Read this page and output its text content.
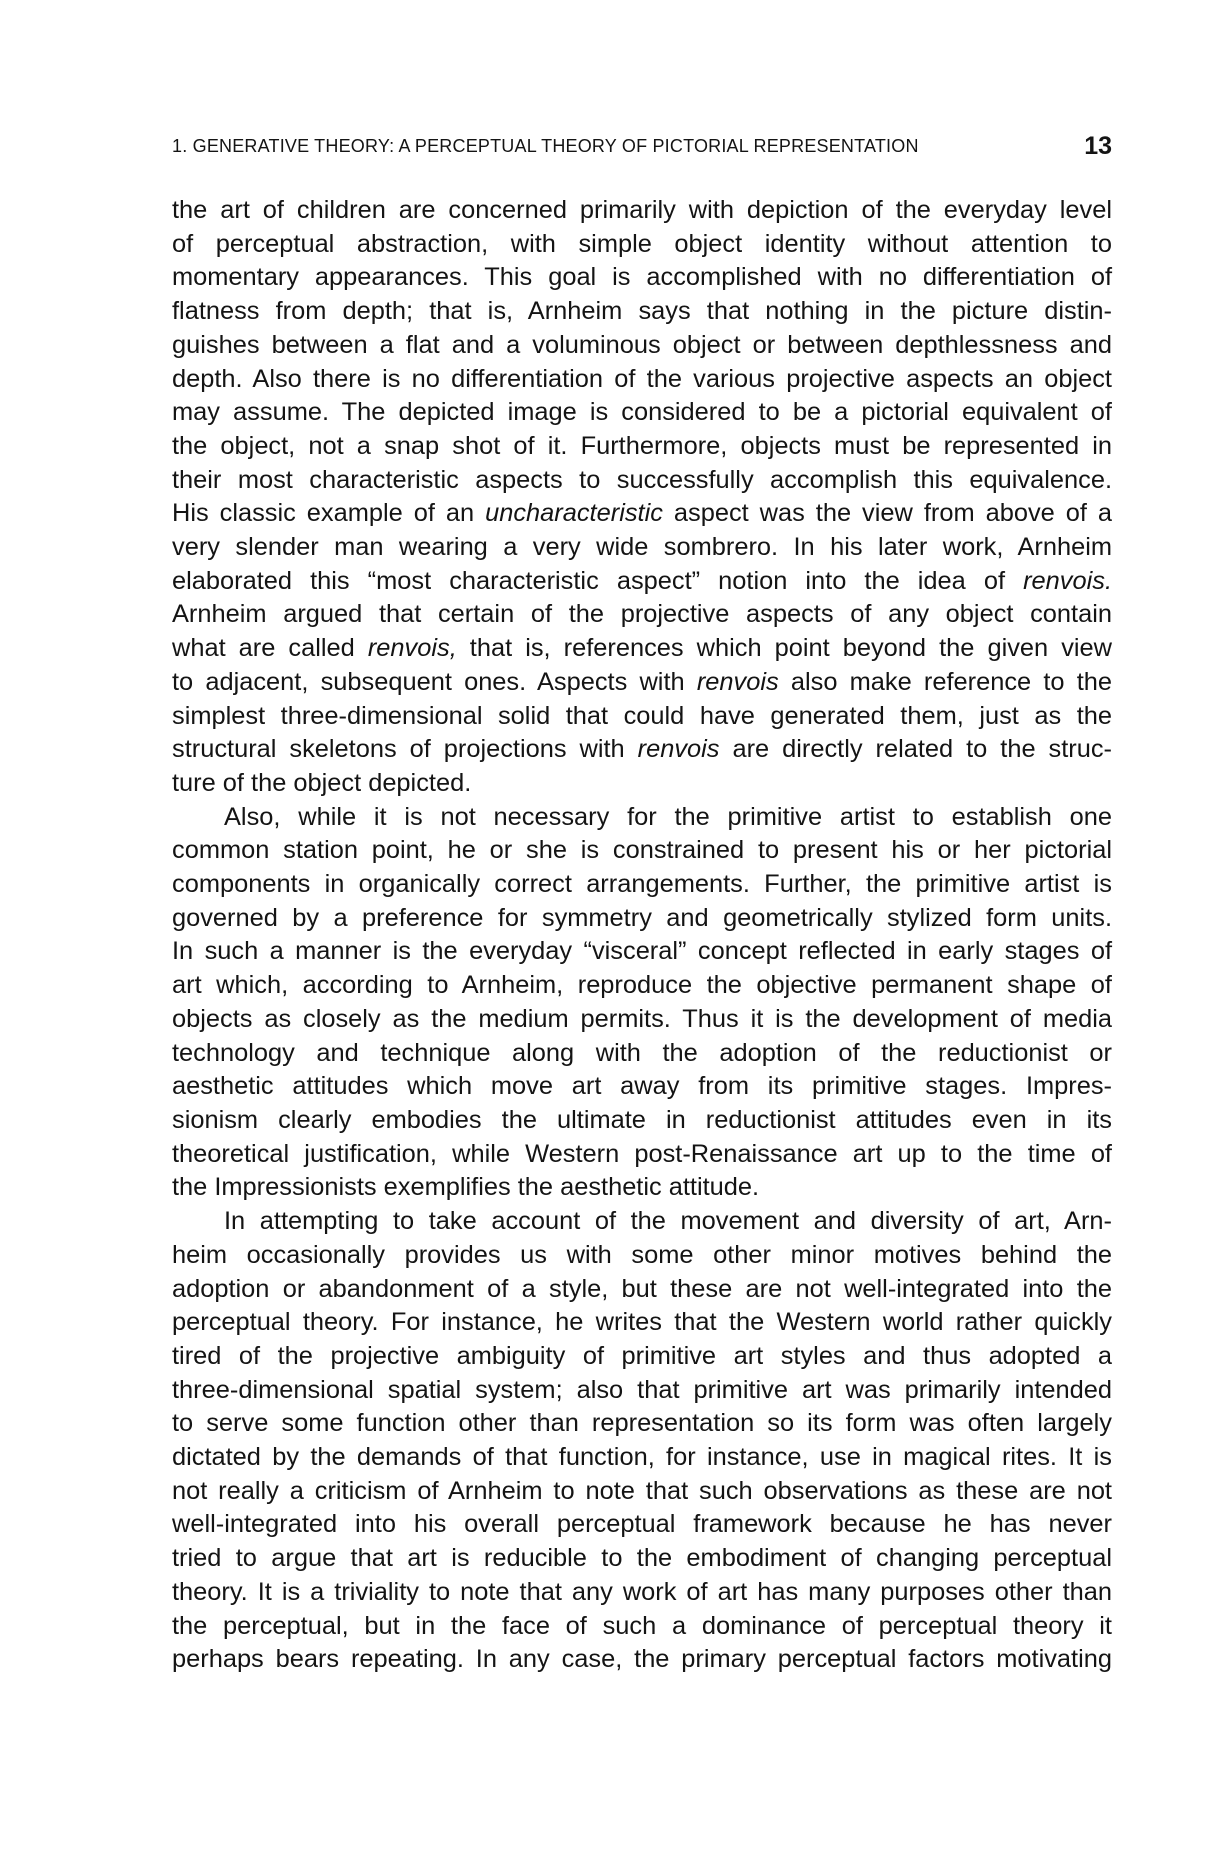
1. GENERATIVE THEORY: A PERCEPTUAL THEORY OF PICTORIAL REPRESENTATION	13
the art of children are concerned primarily with depiction of the everyday level
of perceptual abstraction, with simple object identity without attention to
momentary appearances. This goal is accomplished with no differentiation of
flatness from depth; that is, Arnheim says that nothing in the picture distin-
guishes between a flat and a voluminous object or between depthlessness and
depth. Also there is no differentiation of the various projective aspects an object
may assume. The depicted image is considered to be a pictorial equivalent of
the object, not a snap shot of it. Furthermore, objects must be represented in
their most characteristic aspects to successfully accomplish this equivalence.
His classic example of an uncharacteristic aspect was the view from above of a
very slender man wearing a very wide sombrero. In his later work, Arnheim
elaborated this “most characteristic aspect” notion into the idea of renvois.
Arnheim argued that certain of the projective aspects of any object contain
what are called renvois, that is, references which point beyond the given view
to adjacent, subsequent ones. Aspects with renvois also make reference to the
simplest three-dimensional solid that could have generated them, just as the
structural skeletons of projections with renvois are directly related to the struc-
ture of the object depicted.
Also, while it is not necessary for the primitive artist to establish one
common station point, he or she is constrained to present his or her pictorial
components in organically correct arrangements. Further, the primitive artist is
governed by a preference for symmetry and geometrically stylized form units.
In such a manner is the everyday “visceral” concept reflected in early stages of
art which, according to Arnheim, reproduce the objective permanent shape of
objects as closely as the medium permits. Thus it is the development of media
technology and technique along with the adoption of the reductionist or
aesthetic attitudes which move art away from its primitive stages. Impres-
sionism clearly embodies the ultimate in reductionist attitudes even in its
theoretical justification, while Western post-Renaissance art up to the time of
the Impressionists exemplifies the aesthetic attitude.
In attempting to take account of the movement and diversity of art, Arn-
heim occasionally provides us with some other minor motives behind the
adoption or abandonment of a style, but these are not well-integrated into the
perceptual theory. For instance, he writes that the Western world rather quickly
tired of the projective ambiguity of primitive art styles and thus adopted a
three-dimensional spatial system; also that primitive art was primarily intended
to serve some function other than representation so its form was often largely
dictated by the demands of that function, for instance, use in magical rites. It is
not really a criticism of Arnheim to note that such observations as these are not
well-integrated into his overall perceptual framework because he has never
tried to argue that art is reducible to the embodiment of changing perceptual
theory. It is a triviality to note that any work of art has many purposes other than
the perceptual, but in the face of such a dominance of perceptual theory it
perhaps bears repeating. In any case, the primary perceptual factors motivating
